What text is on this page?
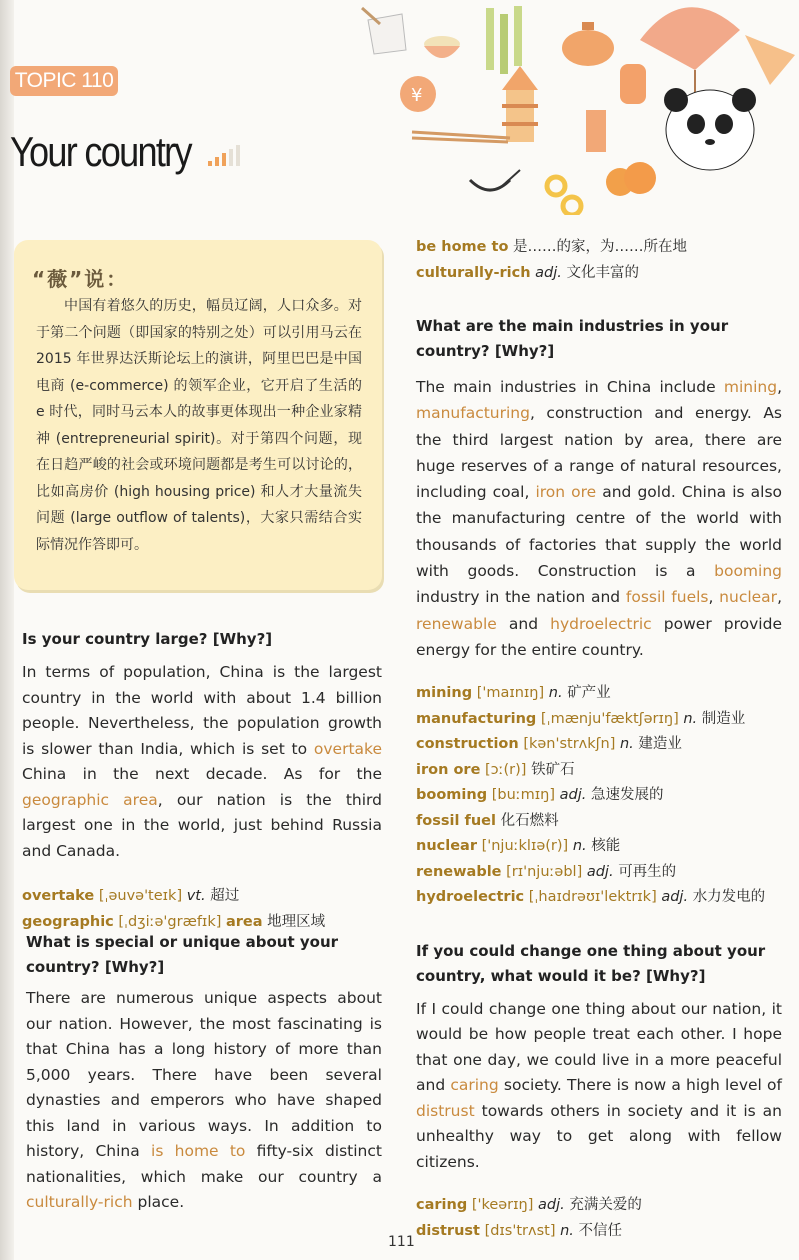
TOPIC 110
Your country
¥
“薇”说：
中国有着悠久的历史，幅员辽阔，人口众多。对于第二个问题（即国家的特别之处）可以引用马云在 2015 年世界达沃斯论坛上的演讲，阿里巴巴是中国电商 (e-commerce) 的领军企业，它开启了生活的 e 时代，同时马云本人的故事更体现出一种企业家精神 (entrepreneurial spirit)。对于第四个问题，现在日趋严峻的社会或环境问题都是考生可以讨论的，比如高房价 (high housing price) 和人才大量流失问题 (large outflow of talents)，大家只需结合实际情况作答即可。
Is your country large? [Why?]
In terms of population, China is the largest country in the world with about 1.4 billion people. Nevertheless, the population growth is slower than India, which is set to overtake China in the next decade. As for the geographic area, our nation is the third largest one in the world, just behind Russia and Canada.
overtake [ˌəuvə'teɪk] vt. 超过
geographic [ˌdʒiːə'græfɪk] area 地理区域
What is special or unique about your country? [Why?]
There are numerous unique aspects about our nation. However, the most fascinating is that China has a long history of more than 5,000 years. There have been several dynasties and emperors who have shaped this land in various ways. In addition to history, China is home to fifty-six distinct nationalities, which make our country a culturally-rich place.
be home to 是……的家，为……所在地
culturally-rich adj. 文化丰富的
What are the main industries in your country? [Why?]
The main industries in China include mining, manufacturing, construction and energy. As the third largest nation by area, there are huge reserves of a range of natural resources, including coal, iron ore and gold. China is also the manufacturing centre of the world with thousands of factories that supply the world with goods. Construction is a booming industry in the nation and fossil fuels, nuclear, renewable and hydroelectric power provide energy for the entire country.
mining ['maɪnɪŋ] n. 矿产业
manufacturing [ˌmænju'fæktʃərɪŋ] n. 制造业
construction [kən'strʌkʃn] n. 建造业
iron ore [ɔː(r)] 铁矿石
booming [buːmɪŋ] adj. 急速发展的
fossil fuel 化石燃料
nuclear ['njuːklɪə(r)] n. 核能
renewable [rɪ'njuːəbl] adj. 可再生的
hydroelectric [ˌhaɪdrəʊɪ'lektrɪk] adj. 水力发电的
If you could change one thing about your country, what would it be? [Why?]
If I could change one thing about our nation, it would be how people treat each other. I hope that one day, we could live in a more peaceful and caring society. There is now a high level of distrust towards others in society and it is an unhealthy way to get along with fellow citizens.
caring ['keərɪŋ] adj. 充满关爱的
distrust [dɪs'trʌst] n. 不信任
111
